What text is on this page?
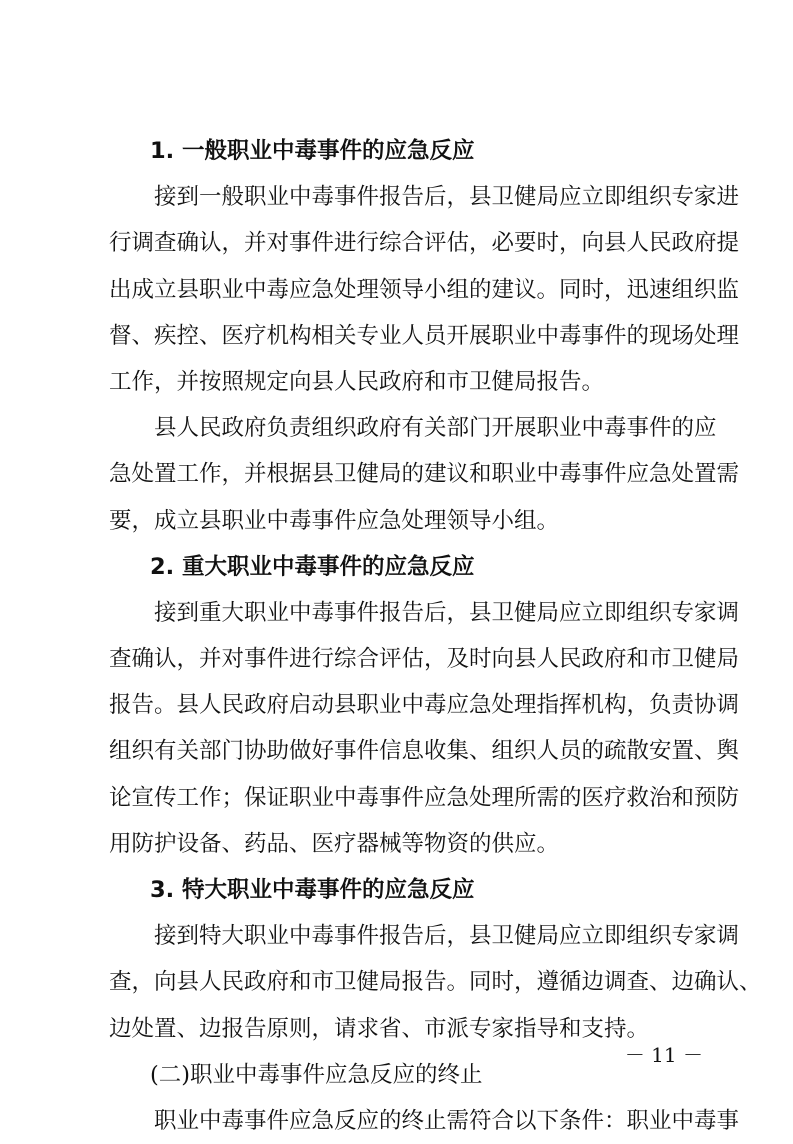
1. 一般职业中毒事件的应急反应
接到一般职业中毒事件报告后，县卫健局应立即组织专家进
行调查确认，并对事件进行综合评估，必要时，向县人民政府提
出成立县职业中毒应急处理领导小组的建议。同时，迅速组织监
督、疾控、医疗机构相关专业人员开展职业中毒事件的现场处理
工作，并按照规定向县人民政府和市卫健局报告。
县人民政府负责组织政府有关部门开展职业中毒事件的应
急处置工作，并根据县卫健局的建议和职业中毒事件应急处置需
要，成立县职业中毒事件应急处理领导小组。
2. 重大职业中毒事件的应急反应
接到重大职业中毒事件报告后，县卫健局应立即组织专家调
查确认，并对事件进行综合评估，及时向县人民政府和市卫健局
报告。县人民政府启动县职业中毒应急处理指挥机构，负责协调
组织有关部门协助做好事件信息收集、组织人员的疏散安置、舆
论宣传工作；保证职业中毒事件应急处理所需的医疗救治和预防
用防护设备、药品、医疗器械等物资的供应。
3. 特大职业中毒事件的应急反应
接到特大职业中毒事件报告后，县卫健局应立即组织专家调
查，向县人民政府和市卫健局报告。同时，遵循边调查、边确认、
边处置、边报告原则，请求省、市派专家指导和支持。
(二)职业中毒事件应急反应的终止
职业中毒事件应急反应的终止需符合以下条件：职业中毒事
－ 11 －
